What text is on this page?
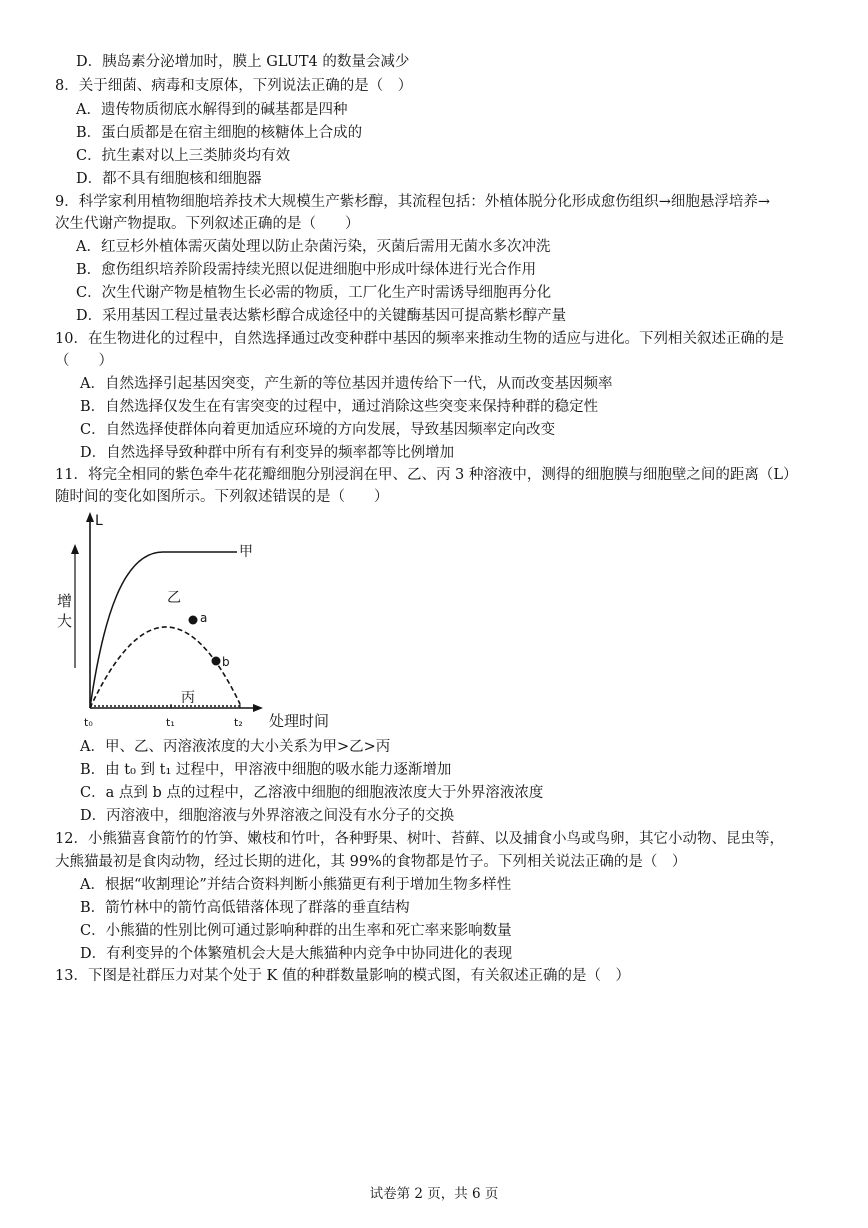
D．胰岛素分泌增加时，膜上 GLUT4 的数量会减少
8．关于细菌、病毒和支原体，下列说法正确的是（　）
A．遗传物质彻底水解得到的碱基都是四种
B．蛋白质都是在宿主细胞的核糖体上合成的
C．抗生素对以上三类肺炎均有效
D．都不具有细胞核和细胞器
9．科学家利用植物细胞培养技术大规模生产紫杉醇，其流程包括：外植体脱分化形成愈伤组织→细胞悬浮培养→
次生代谢产物提取。下列叙述正确的是（　　）
A．红豆杉外植体需灭菌处理以防止杂菌污染，灭菌后需用无菌水多次冲洗
B．愈伤组织培养阶段需持续光照以促进细胞中形成叶绿体进行光合作用
C．次生代谢产物是植物生长必需的物质，工厂化生产时需诱导细胞再分化
D．采用基因工程过量表达紫杉醇合成途径中的关键酶基因可提高紫杉醇产量
10．在生物进化的过程中，自然选择通过改变种群中基因的频率来推动生物的适应与进化。下列相关叙述正确的是
（　　）
A．自然选择引起基因突变，产生新的等位基因并遗传给下一代，从而改变基因频率
B．自然选择仅发生在有害突变的过程中，通过消除这些突变来保持种群的稳定性
C．自然选择使群体向着更加适应环境的方向发展，导致基因频率定向改变
D．自然选择导致种群中所有有利变异的频率都等比例增加
11．将完全相同的紫色牵牛花花瓣细胞分别浸润在甲、乙、丙 3 种溶液中，测得的细胞膜与细胞壁之间的距离（L）
随时间的变化如图所示。下列叙述错误的是（　　）
L
增
大
甲
乙
丙
a
b
t₀	t₁	t₂ 处理时间
A．甲、乙、丙溶液浓度的大小关系为甲>乙>丙
B．由 t₀ 到 t₁ 过程中，甲溶液中细胞的吸水能力逐渐增加
C．a 点到 b 点的过程中，乙溶液中细胞的细胞液浓度大于外界溶液浓度
D．丙溶液中，细胞溶液与外界溶液之间没有水分子的交换
12．小熊猫喜食箭竹的竹笋、嫩枝和竹叶，各种野果、树叶、苔藓、以及捕食小鸟或鸟卵，其它小动物、昆虫等，
大熊猫最初是食肉动物，经过长期的进化，其 99%的食物都是竹子。下列相关说法正确的是（　）
A．根据“收割理论”并结合资料判断小熊猫更有利于增加生物多样性
B．箭竹林中的箭竹高低错落体现了群落的垂直结构
C．小熊猫的性别比例可通过影响种群的出生率和死亡率来影响数量
D．有利变异的个体繁殖机会大是大熊猫种内竞争中协同进化的表现
13．下图是社群压力对某个处于 K 值的种群数量影响的模式图，有关叙述正确的是（　）
试卷第 2 页，共 6 页
